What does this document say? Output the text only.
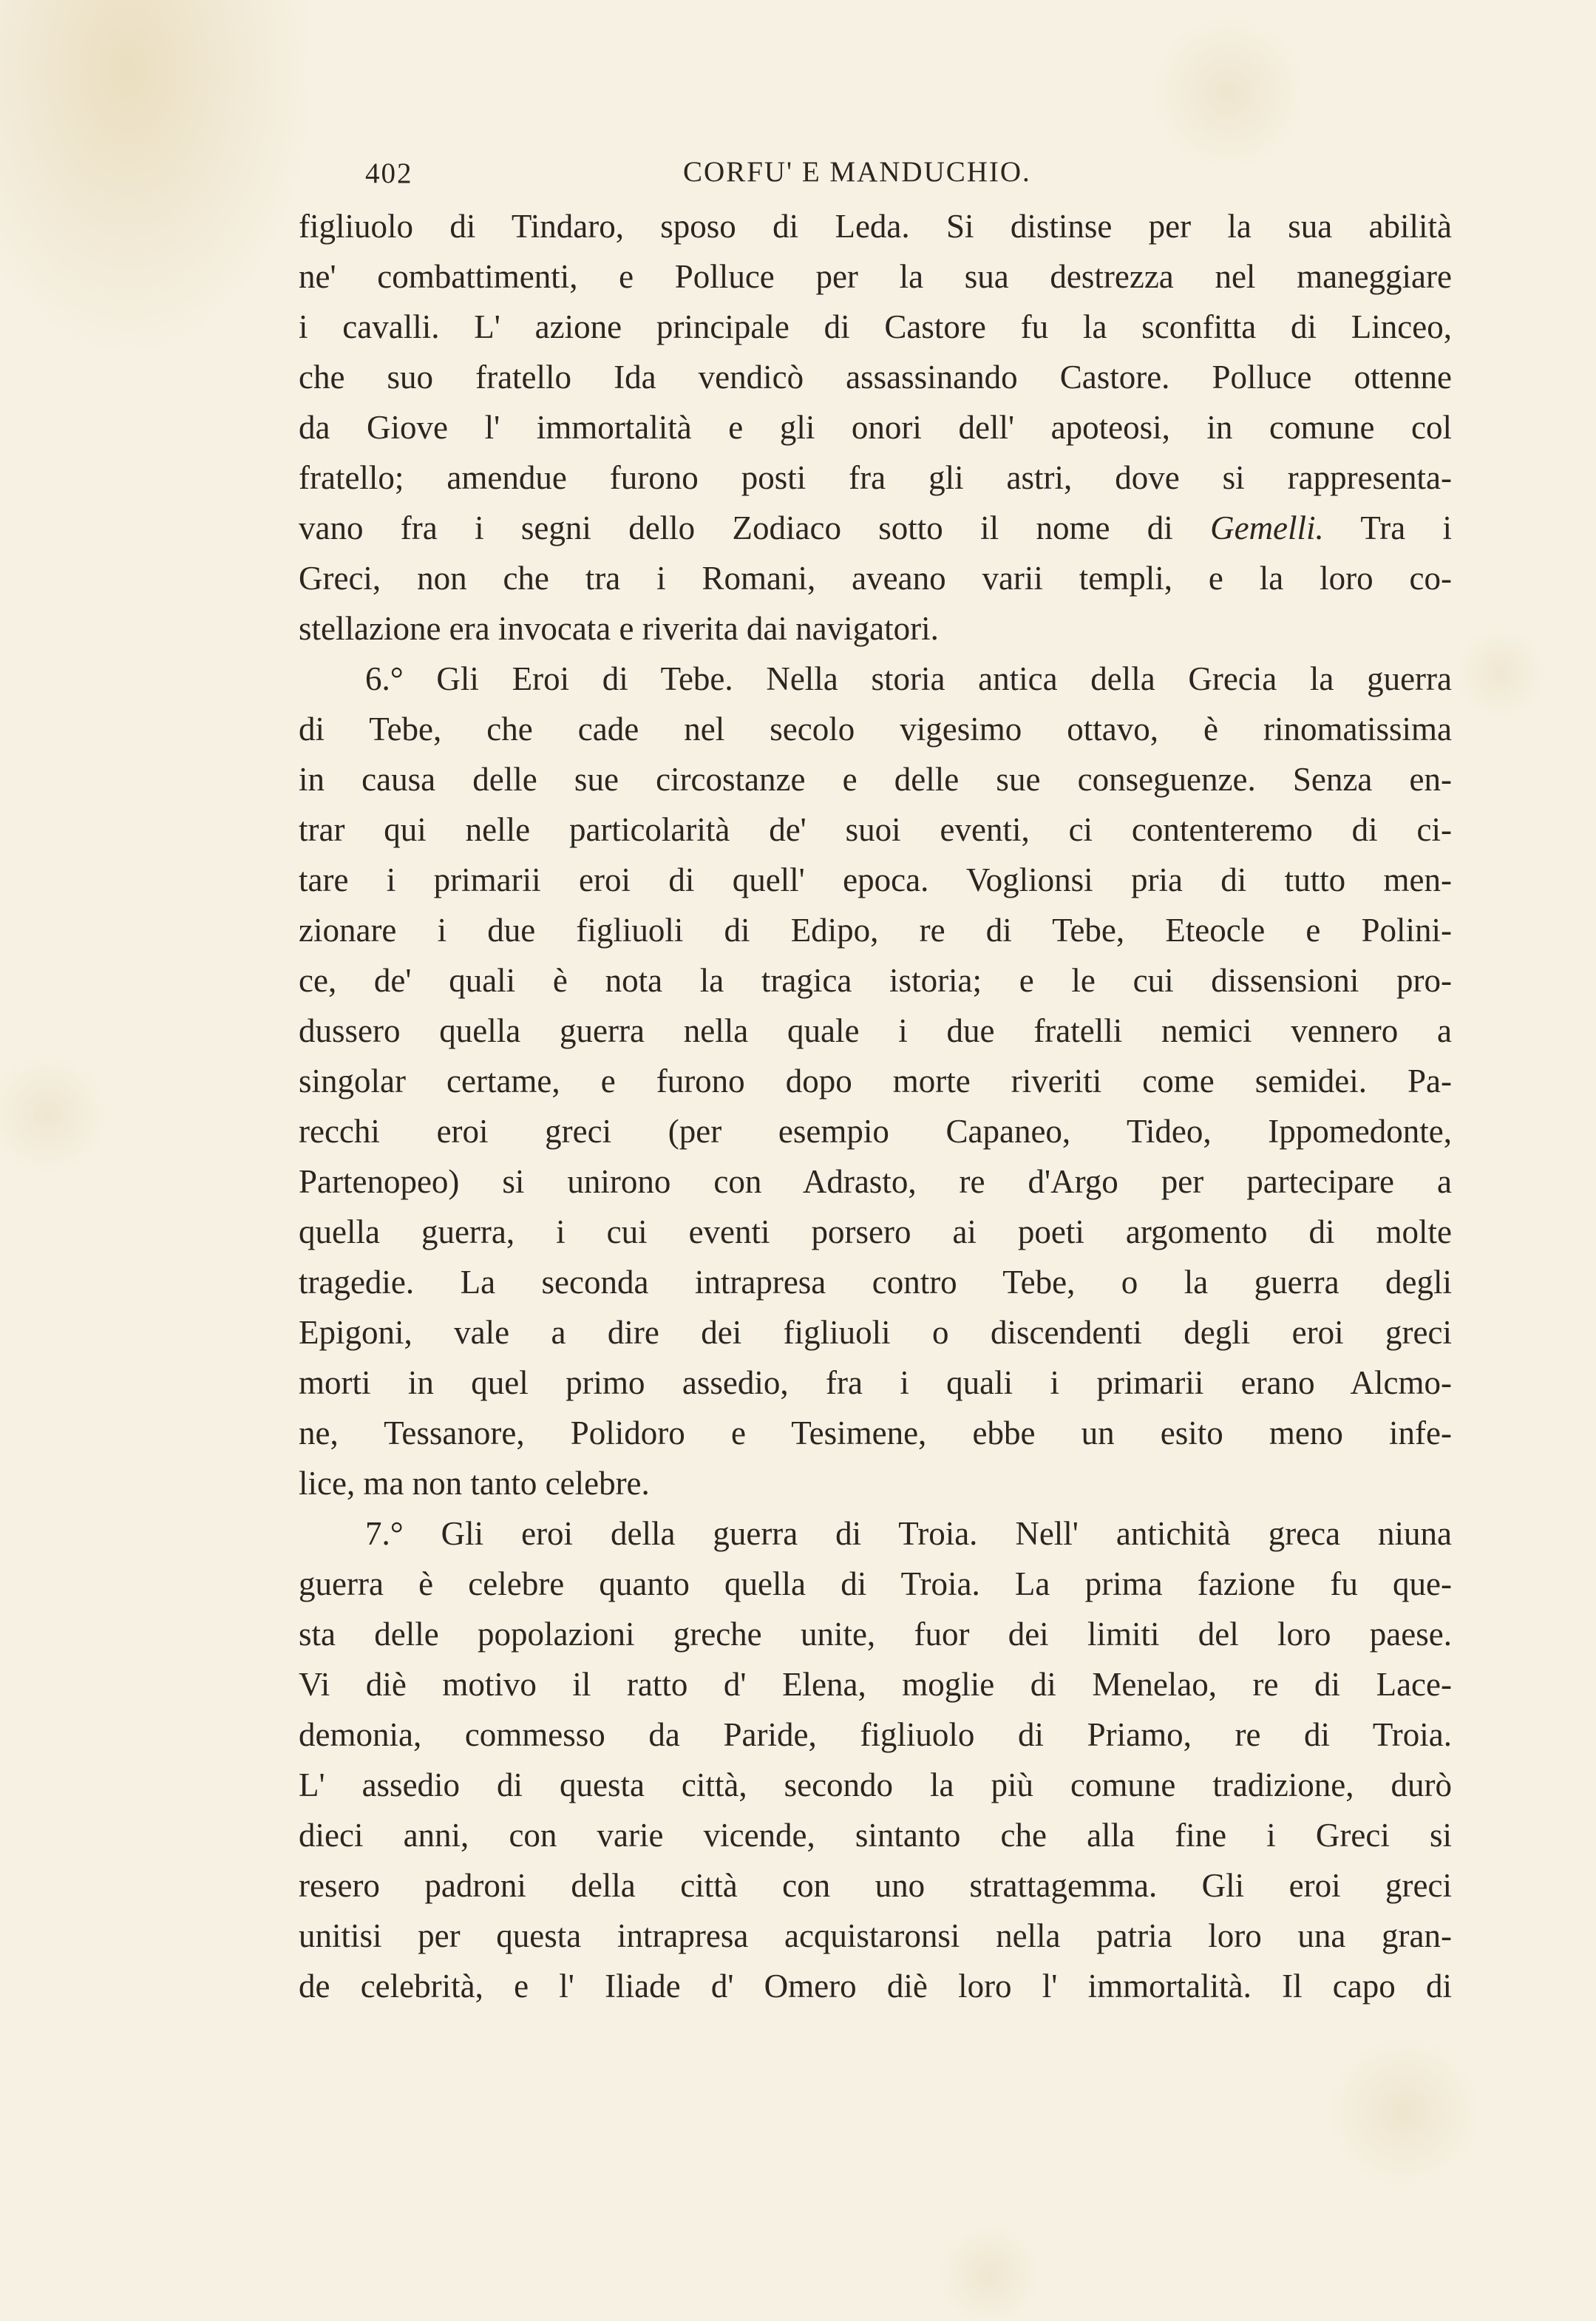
402	CORFU' E MANDUCHIO.
figliuolo di Tindaro, sposo di Leda. Si distinse per la sua abilità
ne' combattimenti, e Polluce per la sua destrezza nel maneggiare
i cavalli. L' azione principale di Castore fu la sconfitta di Linceo,
che suo fratello Ida vendicò assassinando Castore. Polluce ottenne
da Giove l' immortalità e gli onori dell' apoteosi, in comune col
fratello; amendue furono posti fra gli astri, dove si rappresenta-
vano fra i segni dello Zodiaco sotto il nome di Gemelli. Tra i
Greci, non che tra i Romani, aveano varii templi, e la loro co-
stellazione era invocata e riverita dai navigatori.
6.° Gli Eroi di Tebe. Nella storia antica della Grecia la guerra
di Tebe, che cade nel secolo vigesimo ottavo, è rinomatissima
in causa delle sue circostanze e delle sue conseguenze. Senza en-
trar qui nelle particolarità de' suoi eventi, ci contenteremo di ci-
tare i primarii eroi di quell' epoca. Voglionsi pria di tutto men-
zionare i due figliuoli di Edipo, re di Tebe, Eteocle e Polini-
ce, de' quali è nota la tragica istoria; e le cui dissensioni pro-
dussero quella guerra nella quale i due fratelli nemici vennero a
singolar certame, e furono dopo morte riveriti come semidei. Pa-
recchi eroi greci (per esempio Capaneo, Tideo, Ippomedonte,
Partenopeo) si unirono con Adrasto, re d'Argo per partecipare a
quella guerra, i cui eventi porsero ai poeti argomento di molte
tragedie. La seconda intrapresa contro Tebe, o la guerra degli
Epigoni, vale a dire dei figliuoli o discendenti degli eroi greci
morti in quel primo assedio, fra i quali i primarii erano Alcmo-
ne, Tessanore, Polidoro e Tesimene, ebbe un esito meno infe-
lice, ma non tanto celebre.
7.° Gli eroi della guerra di Troia. Nell' antichità greca niuna
guerra è celebre quanto quella di Troia. La prima fazione fu que-
sta delle popolazioni greche unite, fuor dei limiti del loro paese.
Vi diè motivo il ratto d' Elena, moglie di Menelao, re di Lace-
demonia, commesso da Paride, figliuolo di Priamo, re di Troia.
L' assedio di questa città, secondo la più comune tradizione, durò
dieci anni, con varie vicende, sintanto che alla fine i Greci si
resero padroni della città con uno strattagemma. Gli eroi greci
unitisi per questa intrapresa acquistaronsi nella patria loro una gran-
de celebrità, e l' Iliade d' Omero diè loro l' immortalità. Il capo di
